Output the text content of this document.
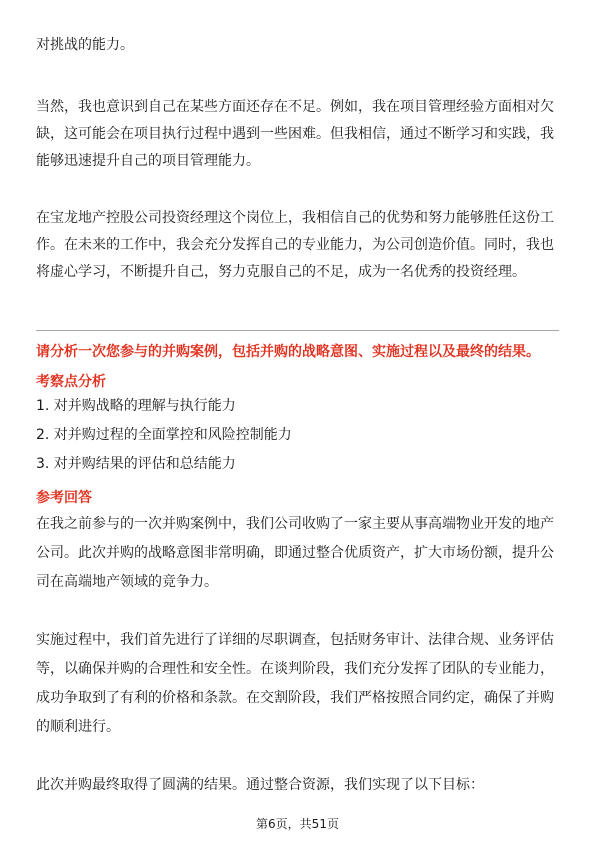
对挑战的能力。

当然，我也意识到自己在某些方面还存在不足。例如，我在项目管理经验方面相对欠缺，这可能会在项目执行过程中遇到一些困难。但我相信，通过不断学习和实践，我能够迅速提升自己的项目管理能力。

在宝龙地产控股公司投资经理这个岗位上，我相信自己的优势和努力能够胜任这份工作。在未来的工作中，我会充分发挥自己的专业能力，为公司创造价值。同时，我也将虚心学习，不断提升自己，努力克服自己的不足，成为一名优秀的投资经理。

请分析一次您参与的并购案例，包括并购的战略意图、实施过程以及最终的结果。

考察点分析
1. 对并购战略的理解与执行能力
2. 对并购过程的全面掌控和风险控制能力
3. 对并购结果的评估和总结能力
参考回答

在我之前参与的一次并购案例中，我们公司收购了一家主要从事高端物业开发的地产公司。此次并购的战略意图非常明确，即通过整合优质资产，扩大市场份额，提升公司在高端地产领域的竞争力。

实施过程中，我们首先进行了详细的尽职调查，包括财务审计、法律合规、业务评估等，以确保并购的合理性和安全性。在谈判阶段，我们充分发挥了团队的专业能力，成功争取到了有利的价格和条款。在交割阶段，我们严格按照合同约定，确保了并购的顺利进行。

此次并购最终取得了圆满的结果。通过整合资源，我们实现了以下目标：

第6页，共51页
